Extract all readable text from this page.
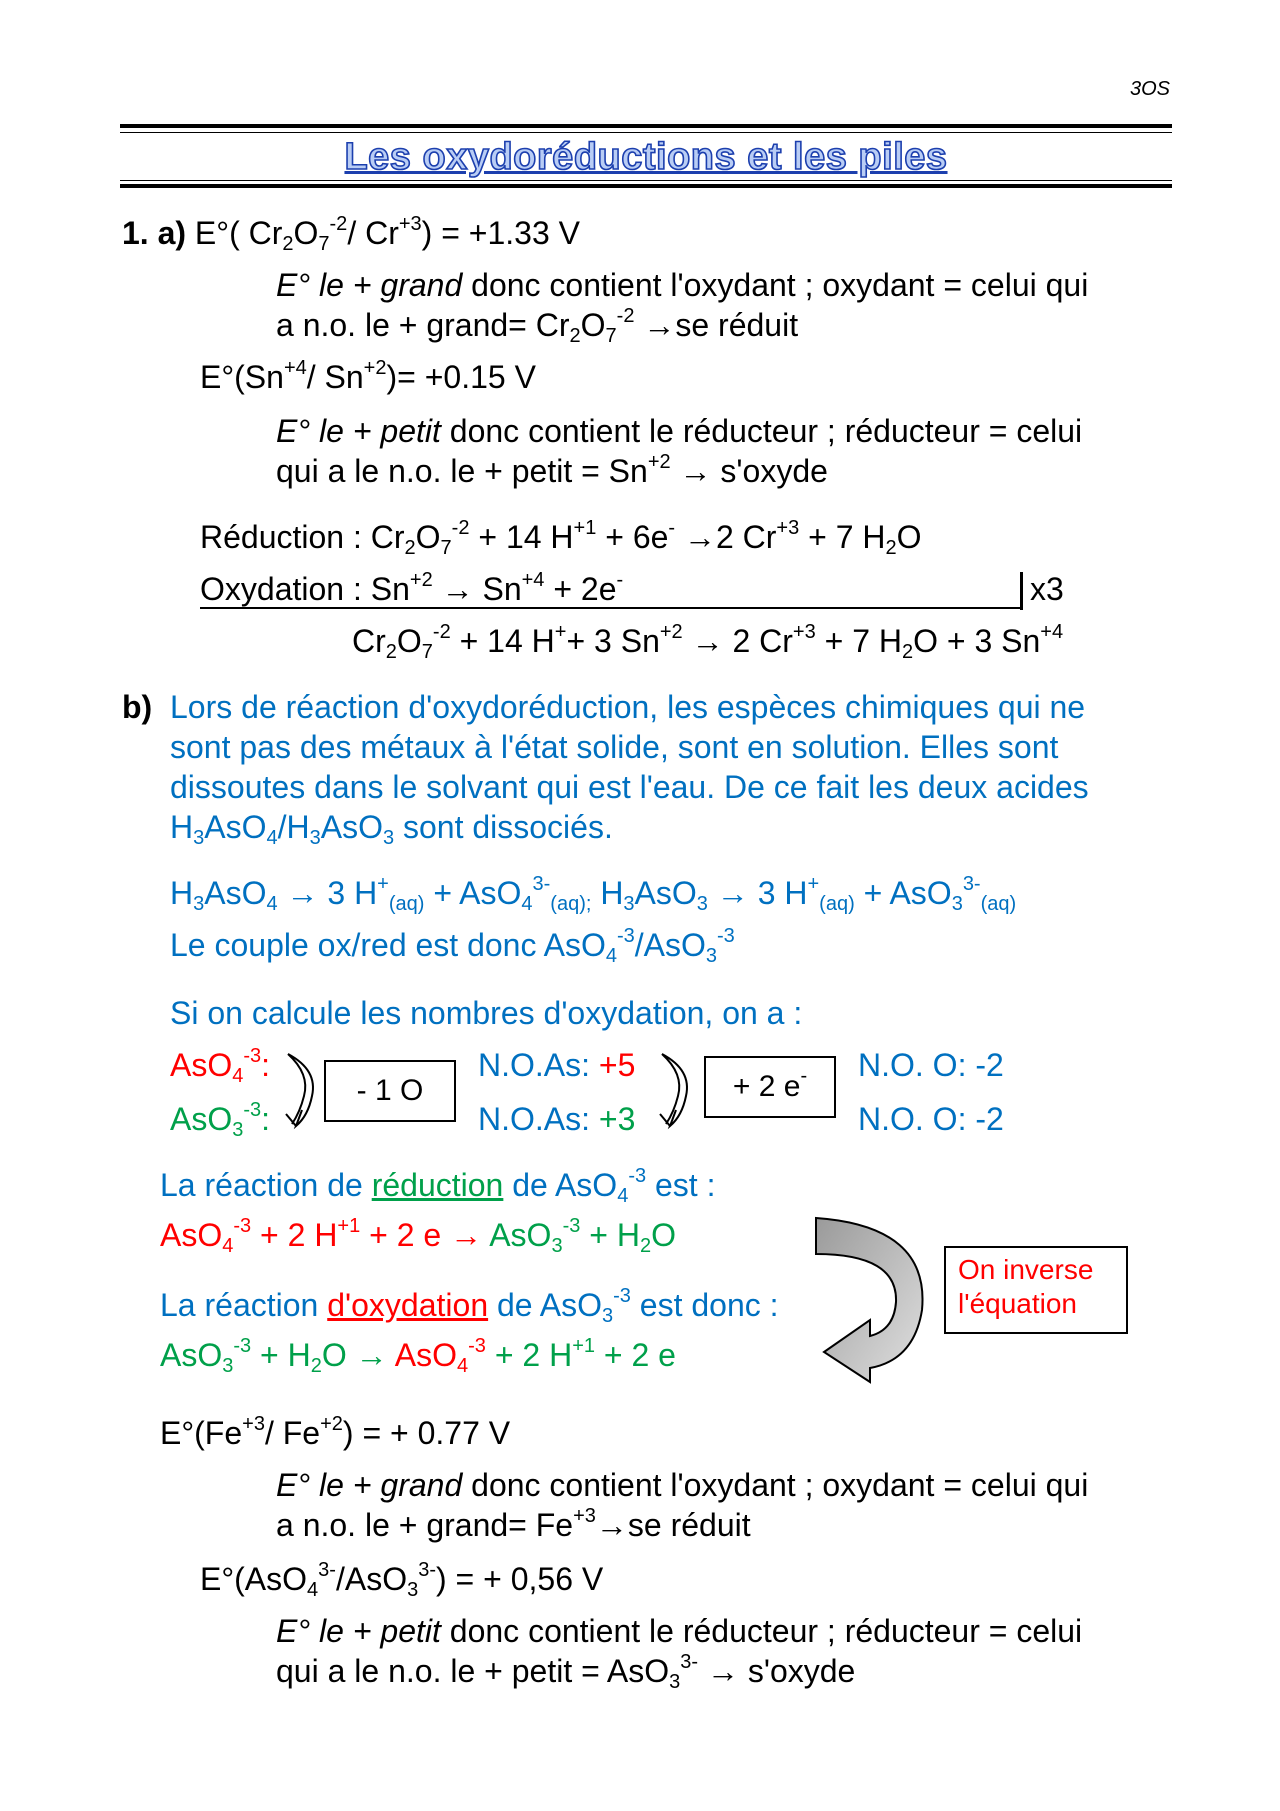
3OS
Les oxydoréductions et les piles
1. a) E°( $Cr_2O_7^{-2}/$ $Cr^{+3}) = +1.33$ V
E° le + grand donc contient l'oxydant ; oxydant = celui qui
a n.o. le + grand= $Cr_2O_7^{-2} \to se$ réduit
$E^\circ(Sn^{+4}/$ $Sn^{+2})= +0.15$ V
E° le + petit donc contient le réducteur ; réducteur = celui
qui a le n.o. le + petit = $Sn^{+2}$ → s'oxyde
Réduction : $Cr_2O_7^{-2} + 14$ $H^{+1} + 6e^- \to 2$ $Cr^{+3} + 7$ $H_2O$
Oxydation : $Sn^{+2} \to Sn^{+4} + 2e^-$	x3
$Cr_2O_7^{-2} + 14$ H++ 3 $Sn^{+2} \to 2$ $Cr^{+3} + 7$ $H_2O + 3$ $Sn^{+4}$
b) Lors de réaction d'oxydoréduction, les espèces chimiques qui ne
sont pas des métaux à l'état solide, sont en solution. Elles sont
dissoutes dans le solvant qui est l'eau. De ce fait les deux acides
$H_3AsO_4/H_3AsO_3$ sont dissociés.
$H_3AsO_4 \to 3$ $H^+_{(aq)} + AsO_4^{3-}_{(aq);}$ $H_3AsO_3 \to 3$ $H^+_{(aq)} + AsO_3^{3-}_{(aq)}$
Le couple ox/red est donc AsO$_4^{-3}$/AsO$_3^{-3}$
Si on calcule les nombres d'oxydation, on a :
AsO$_4^{-3}$:
AsO$_3^{-3}$:
- 1 O
N.O.As: +5
N.O.As: +3
+ 2 e-	N.O. O: -2
N.O. O: -2
La réaction de réduction de AsO$_4^{-3}$ est :
AsO$_4^{-3}$ + 2 $H^{+1} + 2$ $e \to AsO_3^{-3} + H_2O$
La réaction d'oxydation de AsO$_3^{-3}$ est donc :
$AsO_3^{-3} + H_2O \to AsO_4^{-3} + 2$ $H^{+1} + 2$ e
On inverse
l'équation
$E^\circ(Fe^{+3}/$ $Fe^{+2}$) = + 0.77 V
E° le + grand donc contient l'oxydant ; oxydant = celui qui
a n.o. le + grand= $Fe^{+3}\to se$ réduit
E°(AsO$_4^{3-}$/AsO$_3^{3-}$) = + 0,56 V
E° le + petit donc contient le réducteur ; réducteur = celui
qui a le n.o. le + petit = AsO$_3^{3-}$ → s'oxyde
